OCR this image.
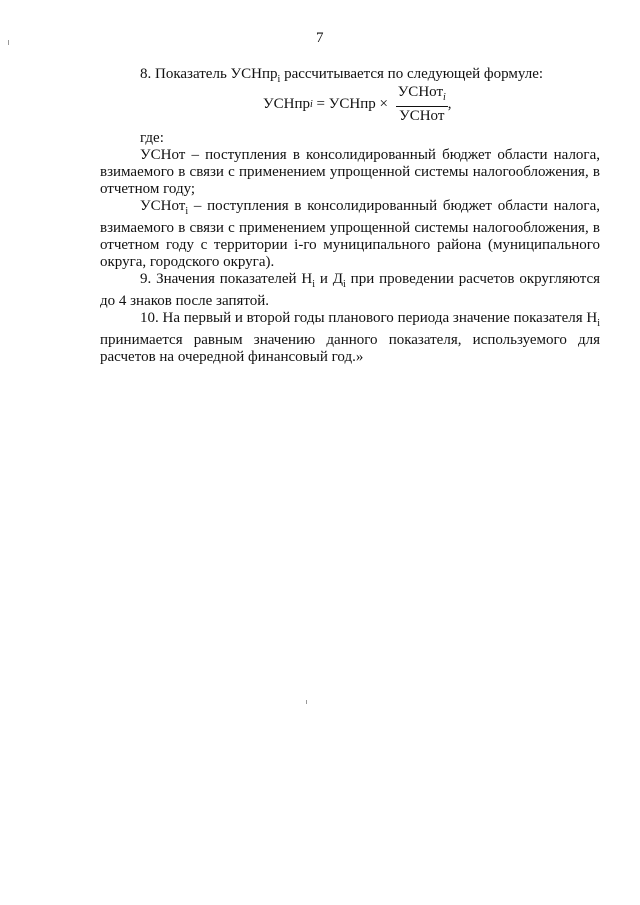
7

8. Показатель УСНпр$_i$ рассчитывается по следующей формуле:

где:

УСНот – поступления в консолидированный бюджет области налога, взимаемого в связи с применением упрощенной системы налогообложения, в отчетном году;

УСНот$_i$ – поступления в консолидированный бюджет области налога, взимаемого в связи с применением упрощенной системы налогообложения, в отчетном году с территории i-го муниципального района (муниципального округа, городского округа).

9. Значения показателей $Н_i$ и $Д_i$ при проведении расчетов округляются до 4 знаков после запятой.

10. На первый и второй годы планового периода значение показателя $Н_i$ принимается равным значению данного показателя, используемого для расчетов на очередной финансовый год.»

УСНпр i = УСНпр × $\frac{УСНот_i}{\text{УСНот}}$ ,
